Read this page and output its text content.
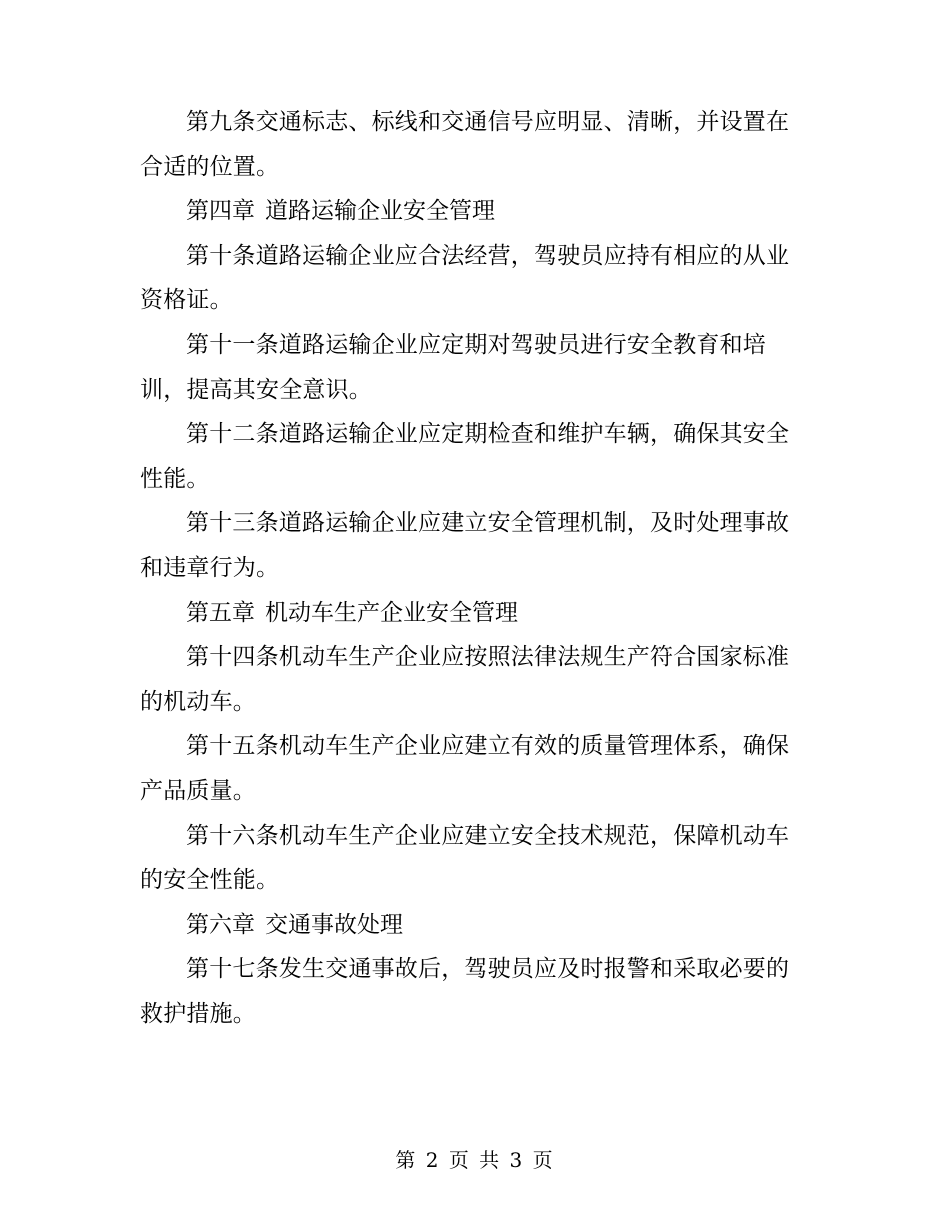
第九条交通标志、标线和交通信号应明显、清晰，并设置在合适的位置。

第四章 道路运输企业安全管理

第十条道路运输企业应合法经营，驾驶员应持有相应的从业资格证。

第十一条道路运输企业应定期对驾驶员进行安全教育和培训，提高其安全意识。

第十二条道路运输企业应定期检查和维护车辆，确保其安全性能。

第十三条道路运输企业应建立安全管理机制，及时处理事故和违章行为。

第五章 机动车生产企业安全管理

第十四条机动车生产企业应按照法律法规生产符合国家标准的机动车。

第十五条机动车生产企业应建立有效的质量管理体系，确保产品质量。

第十六条机动车生产企业应建立安全技术规范，保障机动车的安全性能。

第六章 交通事故处理

第十七条发生交通事故后，驾驶员应及时报警和采取必要的救护措施。

第 2 页 共 3 页
